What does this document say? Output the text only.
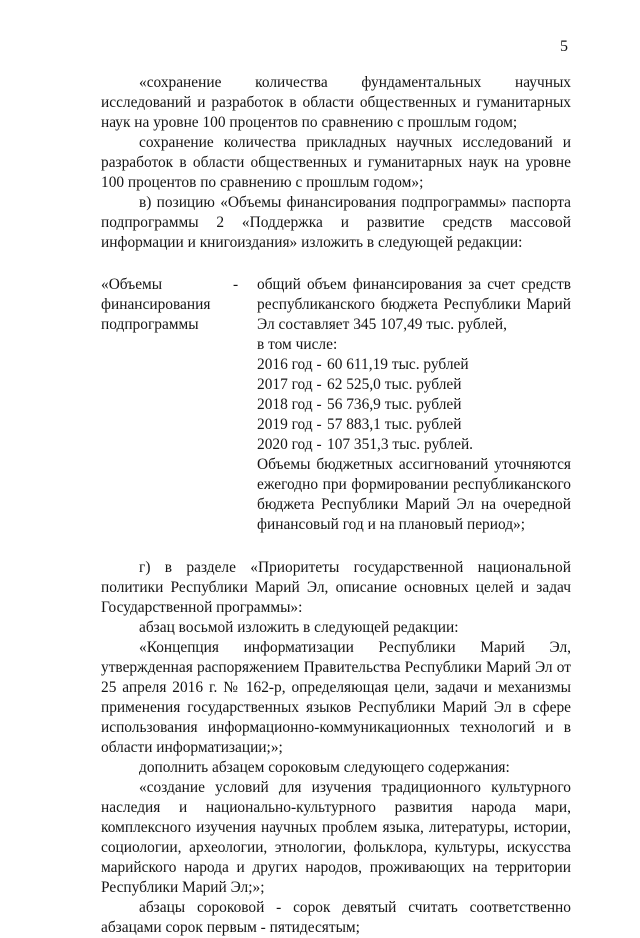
5

«сохранение количества фундаментальных научных исследований и разработок в области общественных и гуманитарных наук на уровне 100 процентов по сравнению с прошлым годом;

сохранение количества прикладных научных исследований и разработок в области общественных и гуманитарных наук на уровне 100 процентов по сравнению с прошлым годом»;

в) позицию «Объемы финансирования подпрограммы» паспорта подпрограммы 2 «Поддержка и развитие средств массовой информации и книгоиздания» изложить в следующей редакции:

«Объемы
финансирования
подпрограммы
-	общий объем финансирования за счет средств республиканского бюджета Республики Марий Эл составляет 345 107,49 тыс. рублей,

в том числе:

2016 год - 60 611,19 тыс. рублей
2017 год - 62 525,0 тыс. рублей
2018 год - 56 736,9 тыс. рублей
2019 год - 57 883,1 тыс. рублей
2020 год - 107 351,3 тыс. рублей.

Объемы бюджетных ассигнований уточняются ежегодно при формировании республиканского бюджета Республики Марий Эл на очередной финансовый год и на плановый период»;

г) в разделе «Приоритеты государственной национальной политики Республики Марий Эл, описание основных целей и задач Государственной программы»:

абзац восьмой изложить в следующей редакции:

«Концепция информатизации Республики Марий Эл, утвержденная распоряжением Правительства Республики Марий Эл от 25 апреля 2016 г. № 162-р, определяющая цели, задачи и механизмы применения государственных языков Республики Марий Эл в сфере использования информационно-коммуникационных технологий и в области информатизации;»;

дополнить абзацем сороковым следующего содержания:

«создание условий для изучения традиционного культурного наследия и национально-культурного развития народа мари, комплексного изучения научных проблем языка, литературы, истории, социологии, археологии, этнологии, фольклора, культуры, искусства марийского народа и других народов, проживающих на территории Республики Марий Эл;»;

абзацы сороковой - сорок девятый считать соответственно абзацами сорок первым - пятидесятым;
